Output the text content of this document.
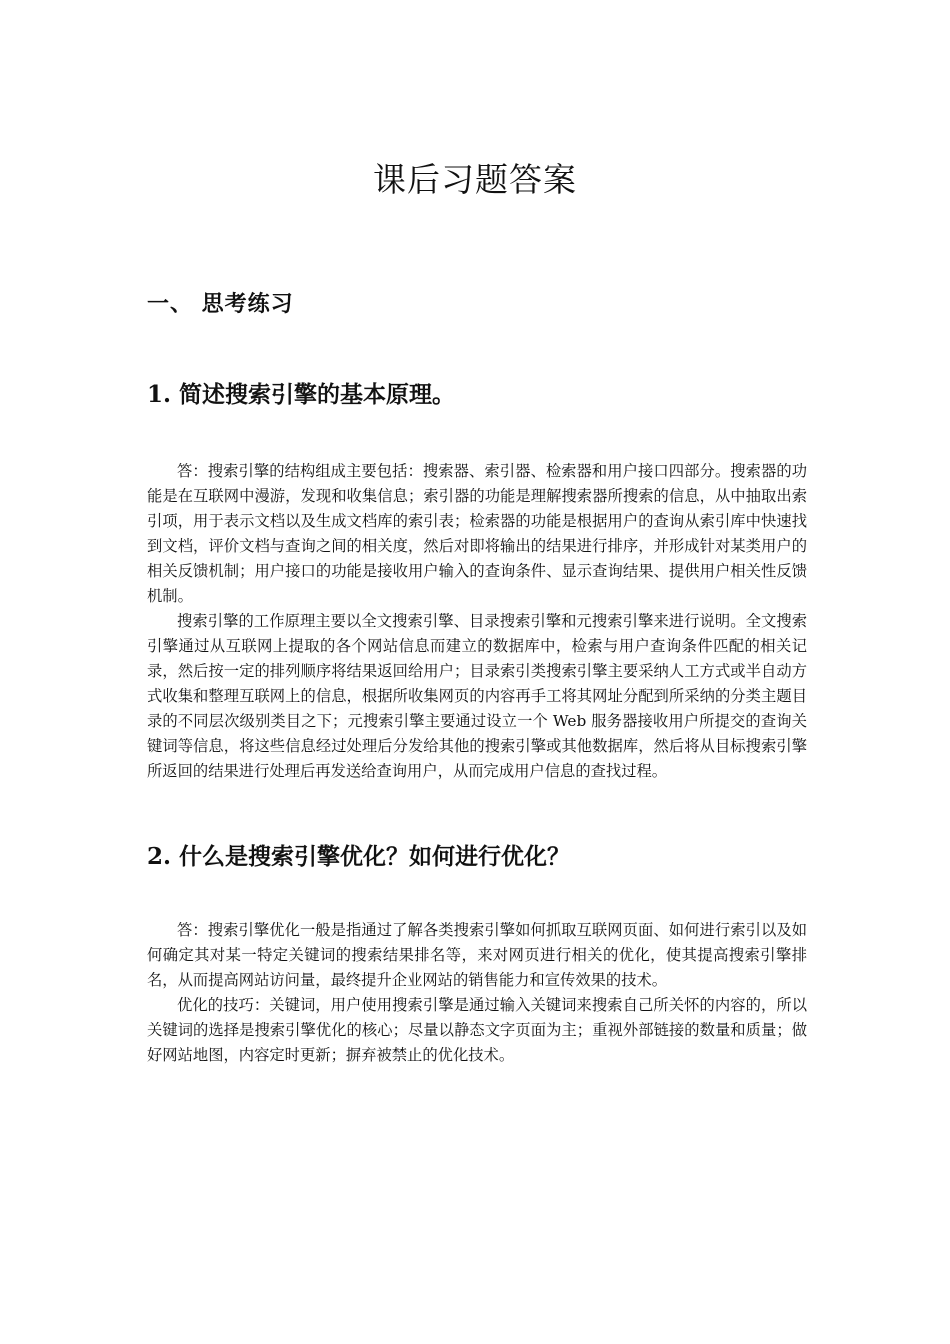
课后习题答案
一、 思考练习
1. 简述搜索引擎的基本原理。

答：搜索引擎的结构组成主要包括：搜索器、索引器、检索器和用户接口四部分。搜索器的功能是在互联网中漫游，发现和收集信息；索引器的功能是理解搜索器所搜索的信息，从中抽取出索引项，用于表示文档以及生成文档库的索引表；检索器的功能是根据用户的查询从索引库中快速找到文档，评价文档与查询之间的相关度，然后对即将输出的结果进行排序，并形成针对某类用户的相关反馈机制；用户接口的功能是接收用户输入的查询条件、显示查询结果、提供用户相关性反馈机制。

搜索引擎的工作原理主要以全文搜索引擎、目录搜索引擎和元搜索引擎来进行说明。全文搜索引擎通过从互联网上提取的各个网站信息而建立的数据库中，检索与用户查询条件匹配的相关记录，然后按一定的排列顺序将结果返回给用户；目录索引类搜索引擎主要采纳人工方式或半自动方式收集和整理互联网上的信息，根据所收集网页的内容再手工将其网址分配到所采纳的分类主题目录的不同层次级别类目之下；元搜索引擎主要通过设立一个 Web 服务器接收用户所提交的查询关键词等信息，将这些信息经过处理后分发给其他的搜索引擎或其他数据库，然后将从目标搜索引擎所返回的结果进行处理后再发送给查询用户，从而完成用户信息的查找过程。

2. 什么是搜索引擎优化？如何进行优化？

答：搜索引擎优化一般是指通过了解各类搜索引擎如何抓取互联网页面、如何进行索引以及如何确定其对某一特定关键词的搜索结果排名等，来对网页进行相关的优化，使其提高搜索引擎排名，从而提高网站访问量，最终提升企业网站的销售能力和宣传效果的技术。

优化的技巧：关键词，用户使用搜索引擎是通过输入关键词来搜索自己所关怀的内容的，所以关键词的选择是搜索引擎优化的核心；尽量以静态文字页面为主；重视外部链接的数量和质量；做好网站地图，内容定时更新；摒弃被禁止的优化技术。
